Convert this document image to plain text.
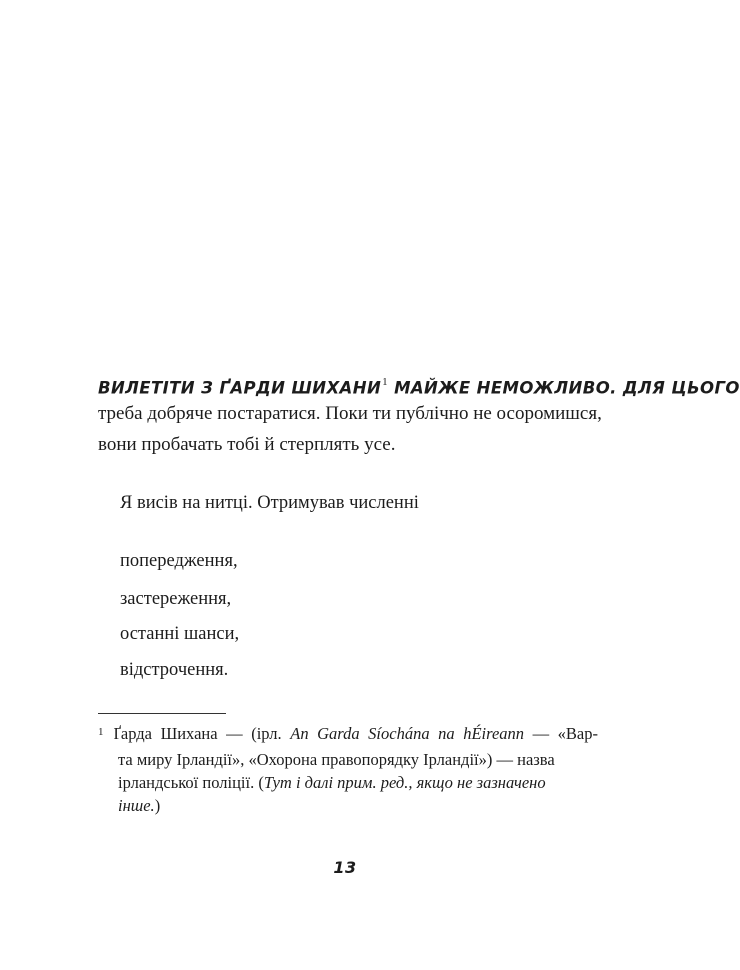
ВИЛЕТІТИ З ҐАРДИ ШИХАНИ$^1$ МАЙЖЕ НЕМОЖЛИВО. ДЛЯ ЦЬОГО
треба добряче постаратися. Поки ти публічно не осоромишся,
вони пробачать тобі й стерплять усе.
Я висів на нитці. Отримував численні
попередження,
застереження,
останні шанси,
відстрочення.
$^1$ Ґарда Шихана — (ірл. An Garda Síochána na hÉireann — «Вар-
та миру Ірландії», «Охорона правопорядку Ірландії») — назва
ірландської поліції. (Тут і далі прим. ред., якщо не зазначено
інше.)
13
